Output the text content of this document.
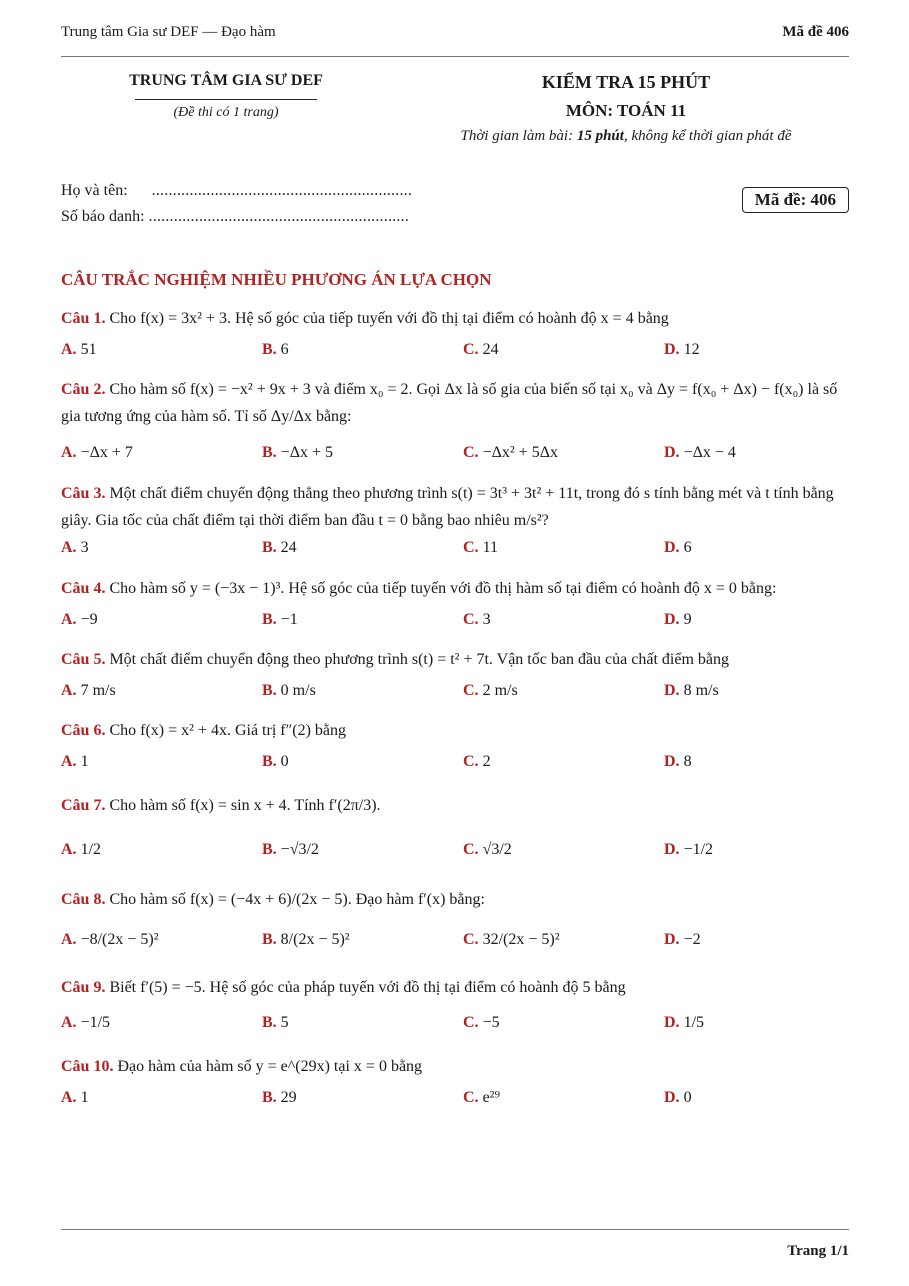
Trung tâm Gia sư DEF — Đạo hàm	Mã đề 406
TRUNG TÂM GIA SƯ DEF
(Đề thi có 1 trang)
KIỂM TRA 15 PHÚT
MÔN: TOÁN 11
Thời gian làm bài: 15 phút, không kể thời gian phát đề
Họ và tên: ..............................................................
Số báo danh: ..............................................................
Mã đề: 406
CÂU TRẮC NGHIỆM NHIỀU PHƯƠNG ÁN LỰA CHỌN
Câu 1. Cho f(x) = 3x² + 3. Hệ số góc của tiếp tuyến với đồ thị tại điểm có hoành độ x = 4 bằng
A. 51	B. 6	C. 24	D. 12
Câu 2. Cho hàm số f(x) = −x² + 9x + 3 và điểm x₀ = 2. Gọi Δx là số gia của biến số tại x₀ và Δy = f(x₀ + Δx) − f(x₀) là số gia tương ứng của hàm số. Tỉ số Δy/Δx bằng:
A. −Δx + 7	B. −Δx + 5	C. −Δx² + 5Δx	D. −Δx − 4
Câu 3. Một chất điểm chuyển động thẳng theo phương trình s(t) = 3t³ + 3t² + 11t, trong đó s tính bằng mét và t tính bằng giây. Gia tốc của chất điểm tại thời điểm ban đầu t = 0 bằng bao nhiêu m/s²?
A. 3	B. 24	C. 11	D. 6
Câu 4. Cho hàm số y = (−3x − 1)³. Hệ số góc của tiếp tuyến với đồ thị hàm số tại điểm có hoành độ x = 0 bằng:
A. −9	B. −1	C. 3	D. 9
Câu 5. Một chất điểm chuyển động theo phương trình s(t) = t² + 7t. Vận tốc ban đầu của chất điểm bằng
A. 7 m/s	B. 0 m/s	C. 2 m/s	D. 8 m/s
Câu 6. Cho f(x) = x² + 4x. Giá trị f″(2) bằng
A. 1	B. 0	C. 2	D. 8
Câu 7. Cho hàm số f(x) = sin x + 4. Tính f′(2π/3).
A. 1/2	B. −√3/2	C. √3/2	D. −1/2
Câu 8. Cho hàm số f(x) = (−4x + 6)/(2x − 5). Đạo hàm f′(x) bằng:
A. −8/(2x − 5)²	B. 8/(2x − 5)²	C. 32/(2x − 5)²	D. −2
Câu 9. Biết f′(5) = −5. Hệ số góc của pháp tuyến với đồ thị tại điểm có hoành độ 5 bằng
A. −1/5	B. 5	C. −5	D. 1/5
Câu 10. Đạo hàm của hàm số y = e^(29x) tại x = 0 bằng
A. 1	B. 29	C. e²⁹	D. 0
Trang 1/1
